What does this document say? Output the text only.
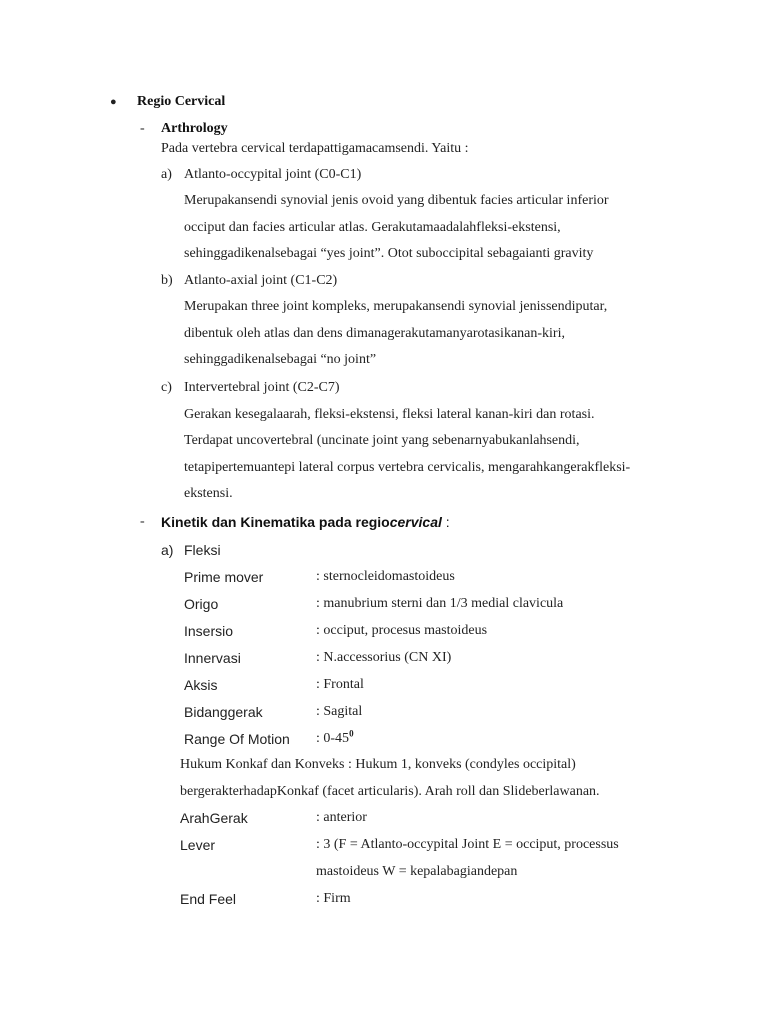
● Regio Cervical
- Arthrology
Pada vertebra cervical terdapattigamacamsendi. Yaitu :
a) Atlanto-occypital joint (C0-C1)
Merupakansendi synovial jenis ovoid yang dibentuk facies articular inferior
occiput dan facies articular atlas. Gerakutamaadalahfleksi-ekstensi,
sehinggadikenalsebagai “yes joint”. Otot suboccipital sebagaianti gravity
b) Atlanto-axial joint (C1-C2)
Merupakan three joint kompleks, merupakansendi synovial jenissendiputar,
dibentuk oleh atlas dan dens dimanagerakutamanyarotasikanan-kiri,
sehinggadikenalsebagai “no joint”
c) Intervertebral joint (C2-C7)
Gerakan kesegalaarah, fleksi-ekstensi, fleksi lateral kanan-kiri dan rotasi.
Terdapat uncovertebral (uncinate joint yang sebenarnyabukanlahsendi,
tetapipertemuantepi lateral corpus vertebra cervicalis, mengarahkangerakfleksi-
ekstensi.
- Kinetik dan Kinematika pada regiocervical :
a) Fleksi
Prime mover	: sternocleidomastoideus
Origo	: manubrium sterni dan 1/3 medial clavicula
Insersio	: occiput, procesus mastoideus
Innervasi	: N.accessorius (CN XI)
Aksis	: Frontal
Bidanggerak	: Sagital
Range Of Motion : $0-45^0$
Hukum Konkaf dan Konveks : Hukum 1, konveks (condyles occipital)
bergerakterhadapKonkaf (facet articularis). Arah roll dan Slideberlawanan.
ArahGerak	: anterior
Lever	: 3 (F = Atlanto-occypital Joint E = occiput, processus
mastoideus W = kepalabagiandepan
End Feel	: Firm
